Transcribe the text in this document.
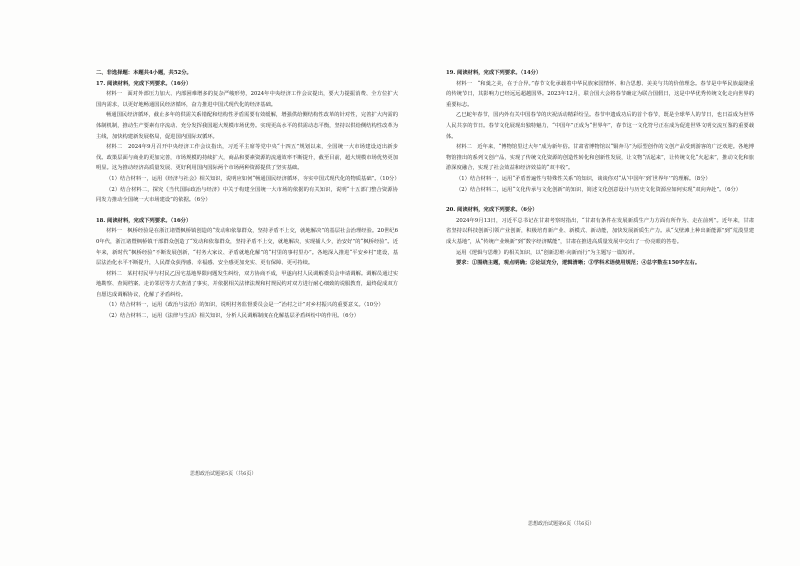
二、非选择题：本题共4小题，共52分。

17. 阅读材料，完成下列要求。（16分）

材料一　面对外部压力加大、内部困难增多的复杂严峻形势，2024年中央经济工作会议提出，要大力提振消费、全方位扩大国内需求，以更好地畅通国民经济循环，奋力推进中国式现代化的经济基础。

畅通国民经济循环，截止多年的供需关系错配和结构性矛盾需要有效缓解，增强供给侧结构性改革的针对性，完善扩大内需的体制机制，推动生产要素有序流动、充分发挥我国超大规模市场优势。实现更高水平的供需动态平衡，坚持以供给侧结构性改革为主线，加快构建新发展格局，促进国内国际双循环。

材料二　2024年9月召开中央经济工作会议指出，习近平主席等党中央“十四五”规划以来，全国统一大市场建设迈出新步伐。政策层面与商业的更加完善，市场规模的持续扩大，商品和要素资源的流通效率不断提升，截至目前，超大规模市场优势更加明显。这为推动经济高质量发展、更好利用国内国际两个市场两种资源提供了坚实基础。

（1）结合材料一，运用《经济与社会》相关知识，说明应如何“畅通国民经济循环，夯实中国式现代化的物质基础”。（10分）

（2）结合材料二，探究《当代国际政治与经济》中关于构建全国统一大市场的依据的有关知识，说明“十五部门整合资源协同发力推动全国统一大市场建设”的依据。（6分）

18. 阅读材料，完成下列要求。（16分）

材料一　枫桥经验是在浙江诸暨枫桥镇创造的“发动和依靠群众，坚持矛盾不上交，就地解决”的基层社会治理经验。20世纪60年代，浙江诸暨枫桥镇干部群众创造了“发动和依靠群众，坚持矛盾不上交，就地解决，实现捕人少，治安好”的“枫桥经验”。近年来，新时代“枫桥经验”不断发展创新，“村务大家议、矛盾就地化解”的“村里的事村里办”。各地深入推进“平安乡村”建设，基层法治化水平不断提升，人民群众获得感、幸福感、安全感更加充实、更有保障、更可持续。

材料二　某村村民甲与村民乙因宅基地界限问题发生纠纷，双方协商不成，甲遂向村人民调解委员会申请调解。调解员通过实地勘察、查阅档案、走访邻居等方式查清了事实，并依据相关法律法规和村规民约对双方进行耐心细致的说服教育，最终促成双方自愿达成调解协议，化解了矛盾纠纷。

（1）结合材料一，运用《政治与法治》的知识，说明村务监督委员会是一“治村之计”对乡村振兴的重要意义。（10分）

（2）结合材料二，运用《法律与生活》相关知识，分析人民调解制度在化解基层矛盾纠纷中的作用。（6分）

思想政治试题第5页（共6页）

19. 阅读材料，完成下列要求。（14分）

材料一　“和羹之美，在于合异。”春节文化承载着中华民族家国情怀、和合思想、美美与共的价值理念。春节是中华民族最隆重的传统节日，其影响力已经远远超越国界。2023年12月，联合国大会将春节确定为联合国假日，这是中华优秀传统文化走向世界的重要标志。

乙巳蛇年春节，国内外有关中国春节的庆祝活动精彩纷呈。春节申遗成功后的首个春节，既是全球华人的节日，也日益成为世界人民共享的节日。春节文化展现出独特魅力，“中国年”正成为“世界年”，春节这一文化符号正在成为促进世界文明交流互鉴的重要载体。

材料二　近年来，“博物馆里过大年”成为新年俗。甘肃省博物馆以“铜奔马”为原型创作的文创产品受到游客的广泛欢迎。各地博物馆推出的系列文创产品，实现了传统文化资源的创造性转化和创新性发展，让文物“活起来”，让传统文化“火起来”，推动文化和旅游深度融合，实现了社会效益和经济效益的“双丰收”。

（1）结合材料一，运用“矛盾普遍性与特殊性关系”的知识，谈谈你对“从‘中国年’到‘世界年’”的理解。（8分）

（2）结合材料二，运用“文化传承与文化创新”的知识，简述文化创意设计与历史文化资源应如何实现“双向奔赴”。（6分）

20. 阅读材料，完成下列要求。（6分）

2024年9月13日，习近平总书记在甘肃考察时指出，“甘肃有条件在发展新质生产力方面有所作为、走在前列”。近年来，甘肃省坚持以科技创新引领产业创新，积极培育新产业、新模式、新动能，加快发展新质生产力。从“戈壁滩上种出新能源”到“荒漠里建成大基地”，从“传统产业焕新”到“数字经济赋能”，甘肃在推进高质量发展中交出了一份亮眼的答卷。

运用《逻辑与思维》的相关知识，以“创新思维·向新而行”为主题写一篇短评。

要求：①围绕主题，观点明确；②论证充分，逻辑清晰；③学科术语使用规范；④总字数在150字左右。

思想政治试题第6页（共6页）
